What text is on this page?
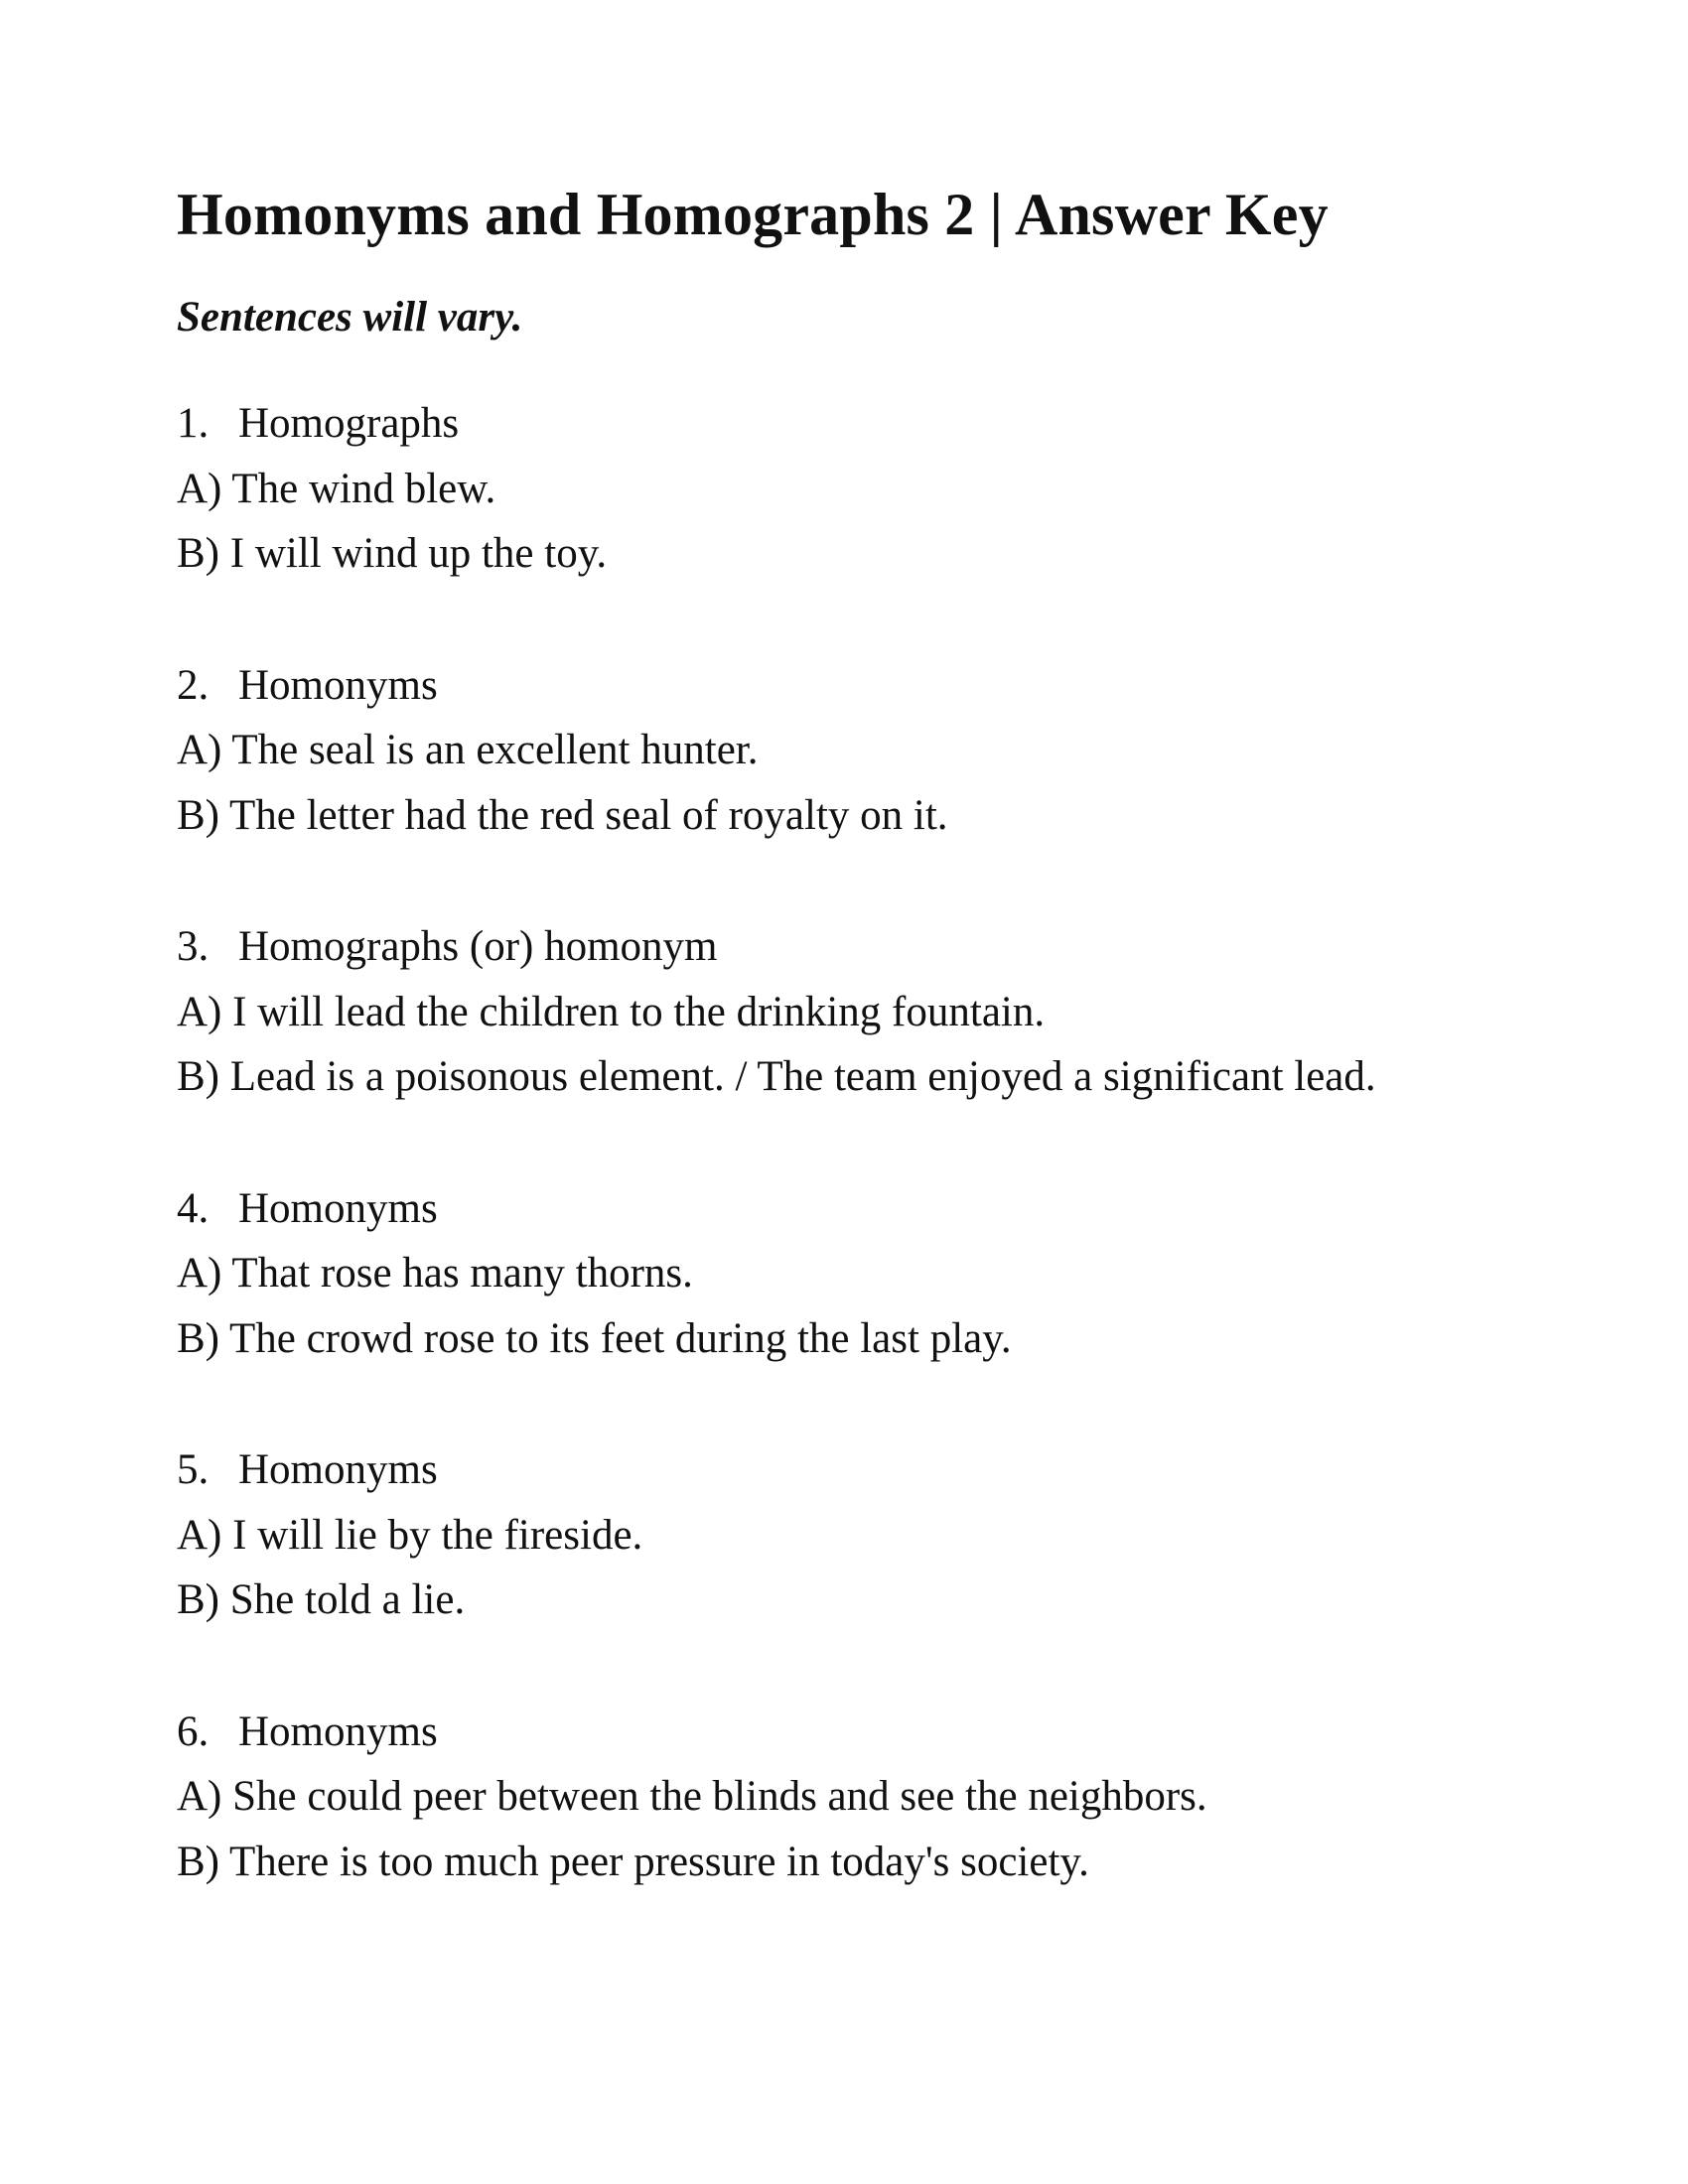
Homonyms and Homographs 2 | Answer Key

Sentences will vary.

1. Homographs

A) The wind blew.

B) I will wind up the toy.

2. Homonyms

A) The seal is an excellent hunter.

B) The letter had the red seal of royalty on it.

3. Homographs (or) homonym

A) I will lead the children to the drinking fountain.

B) Lead is a poisonous element. / The team enjoyed a significant lead.

4. Homonyms

A) That rose has many thorns.

B) The crowd rose to its feet during the last play.

5. Homonyms

A) I will lie by the fireside.

B) She told a lie.

6. Homonyms

A) She could peer between the blinds and see the neighbors.

B) There is too much peer pressure in today's society.
